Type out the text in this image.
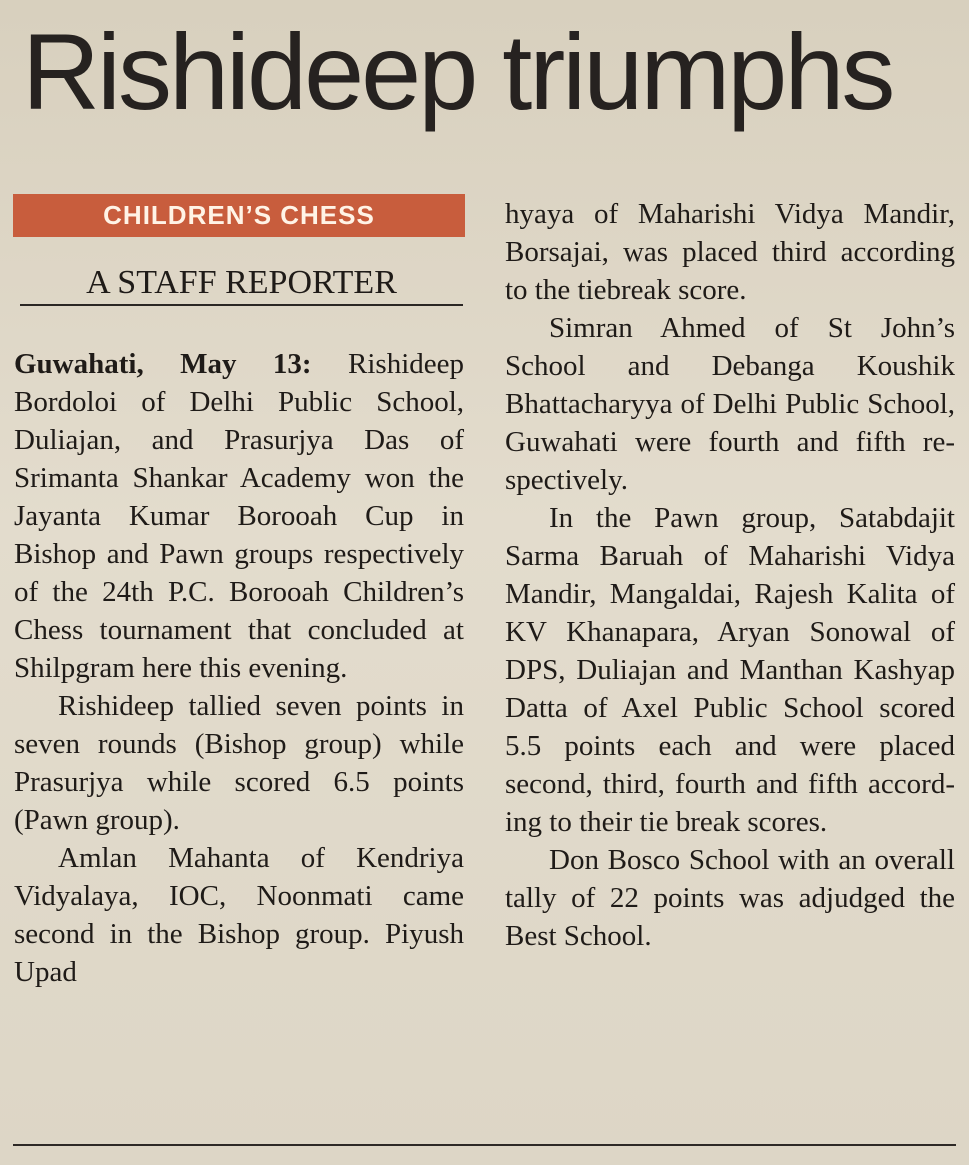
Rishideep triumphs
CHILDREN’S CHESS
A STAFF REPORTER

Guwahati, May 13: Rishideep Bordoloi of Delhi Public School, Duliajan, and Prasurjya Das of Srimanta Shankar Academy won the Jayanta Kumar Borooah Cup in Bishop and Pawn groups respectively of the 24th P.C. Borooah Children’s Chess tournament that concluded at Shilpgram here this evening.

Rishideep tallied seven points in seven rounds (Bishop group) while Prasurjya while scored 6.5 points (Pawn group).

Amlan Mahanta of Kendriya Vidyalaya, IOC, Noonmati came second in the Bishop group. Piyush Upad

hyaya of Maharishi Vidya Mandir, Borsajai, was placed third according to the tiebreak score.

Simran Ahmed of St John’s School and Debanga Koushik Bhattacharyya of Delhi Public School, Guwahati were fourth and fifth respectively.

In the Pawn group, Satabdajit Sarma Baruah of Maharishi Vidya Mandir, Mangaldai, Rajesh Kalita of KV Khanapara, Aryan Sonowal of DPS, Duliajan and Manthan Kashyap Datta of Axel Public School scored 5.5 points each and were placed second, third, fourth and fifth according to their tie break scores.

Don Bosco School with an overall tally of 22 points was adjudged the Best School.
